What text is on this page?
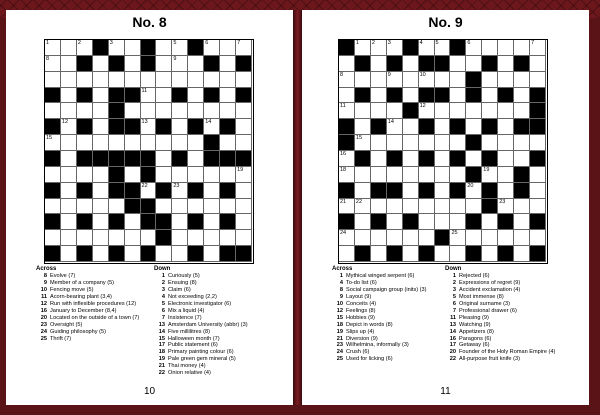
No. 8
1	2	3	5	6	7
8	9
11
12	13	14
15
19
22	23
Across
8 Evolve (7)
9 Member of a company (5)
10 Fencing move (5)
11 Acorn-bearing plant (3,4)
12 Run with inflexible procedures (12)
16 January to December (8,4)
20 Located on the outside of a town (7)
23 Oversight (5)
24 Guiding philosophy (5)
25 Thrift (7)
Down
1 Curiously (5)
2 Ensuing (8)
3 Claim (6)
4 Not exceeding (2,2)
5 Electronic investigator (6)
6 Mix a liquid (4)
7 Insistence (7)
13 Amsterdam University (abbr) (3)
14 Five millilitres (8)
15 Halloween month (7)
17 Public statement (6)
18 Primary painting colour (6)
19 Pale green gem mineral (5)
21 Thai money (4)
22 Onion relative (4)
10
No. 9
1 2 3	4 5	6	7
8	9	10
11	12
14
15
16
18	19
20
21 22	23
24	25
Across
1 Mythical winged serpent (6)
4 To-do list (6)
8 Social campaign group (inits) (3)
9 Layout (9)
10 Conceits (4)
12 Feelings (8)
15 Hobbies (9)
18 Depict in words (8)
19 Slips up (4)
21 Diversion (9)
23 Wilhelmina, informally (3)
24 Crush (6)
25 Used for licking (6)
Down
1 Rejected (6)
2 Expressions of regret (9)
3 Accident exclamation (4)
5 Most immense (8)
6 Original surname (3)
7 Professional drawer (6)
11 Pleasing (9)
13 Watching (9)
14 Appetizers (8)
16 Paragons (6)
17 Getaway (6)
20 Founder of the Holy Roman Empire (4)
22 All-purpose fruit knife (3)
11
